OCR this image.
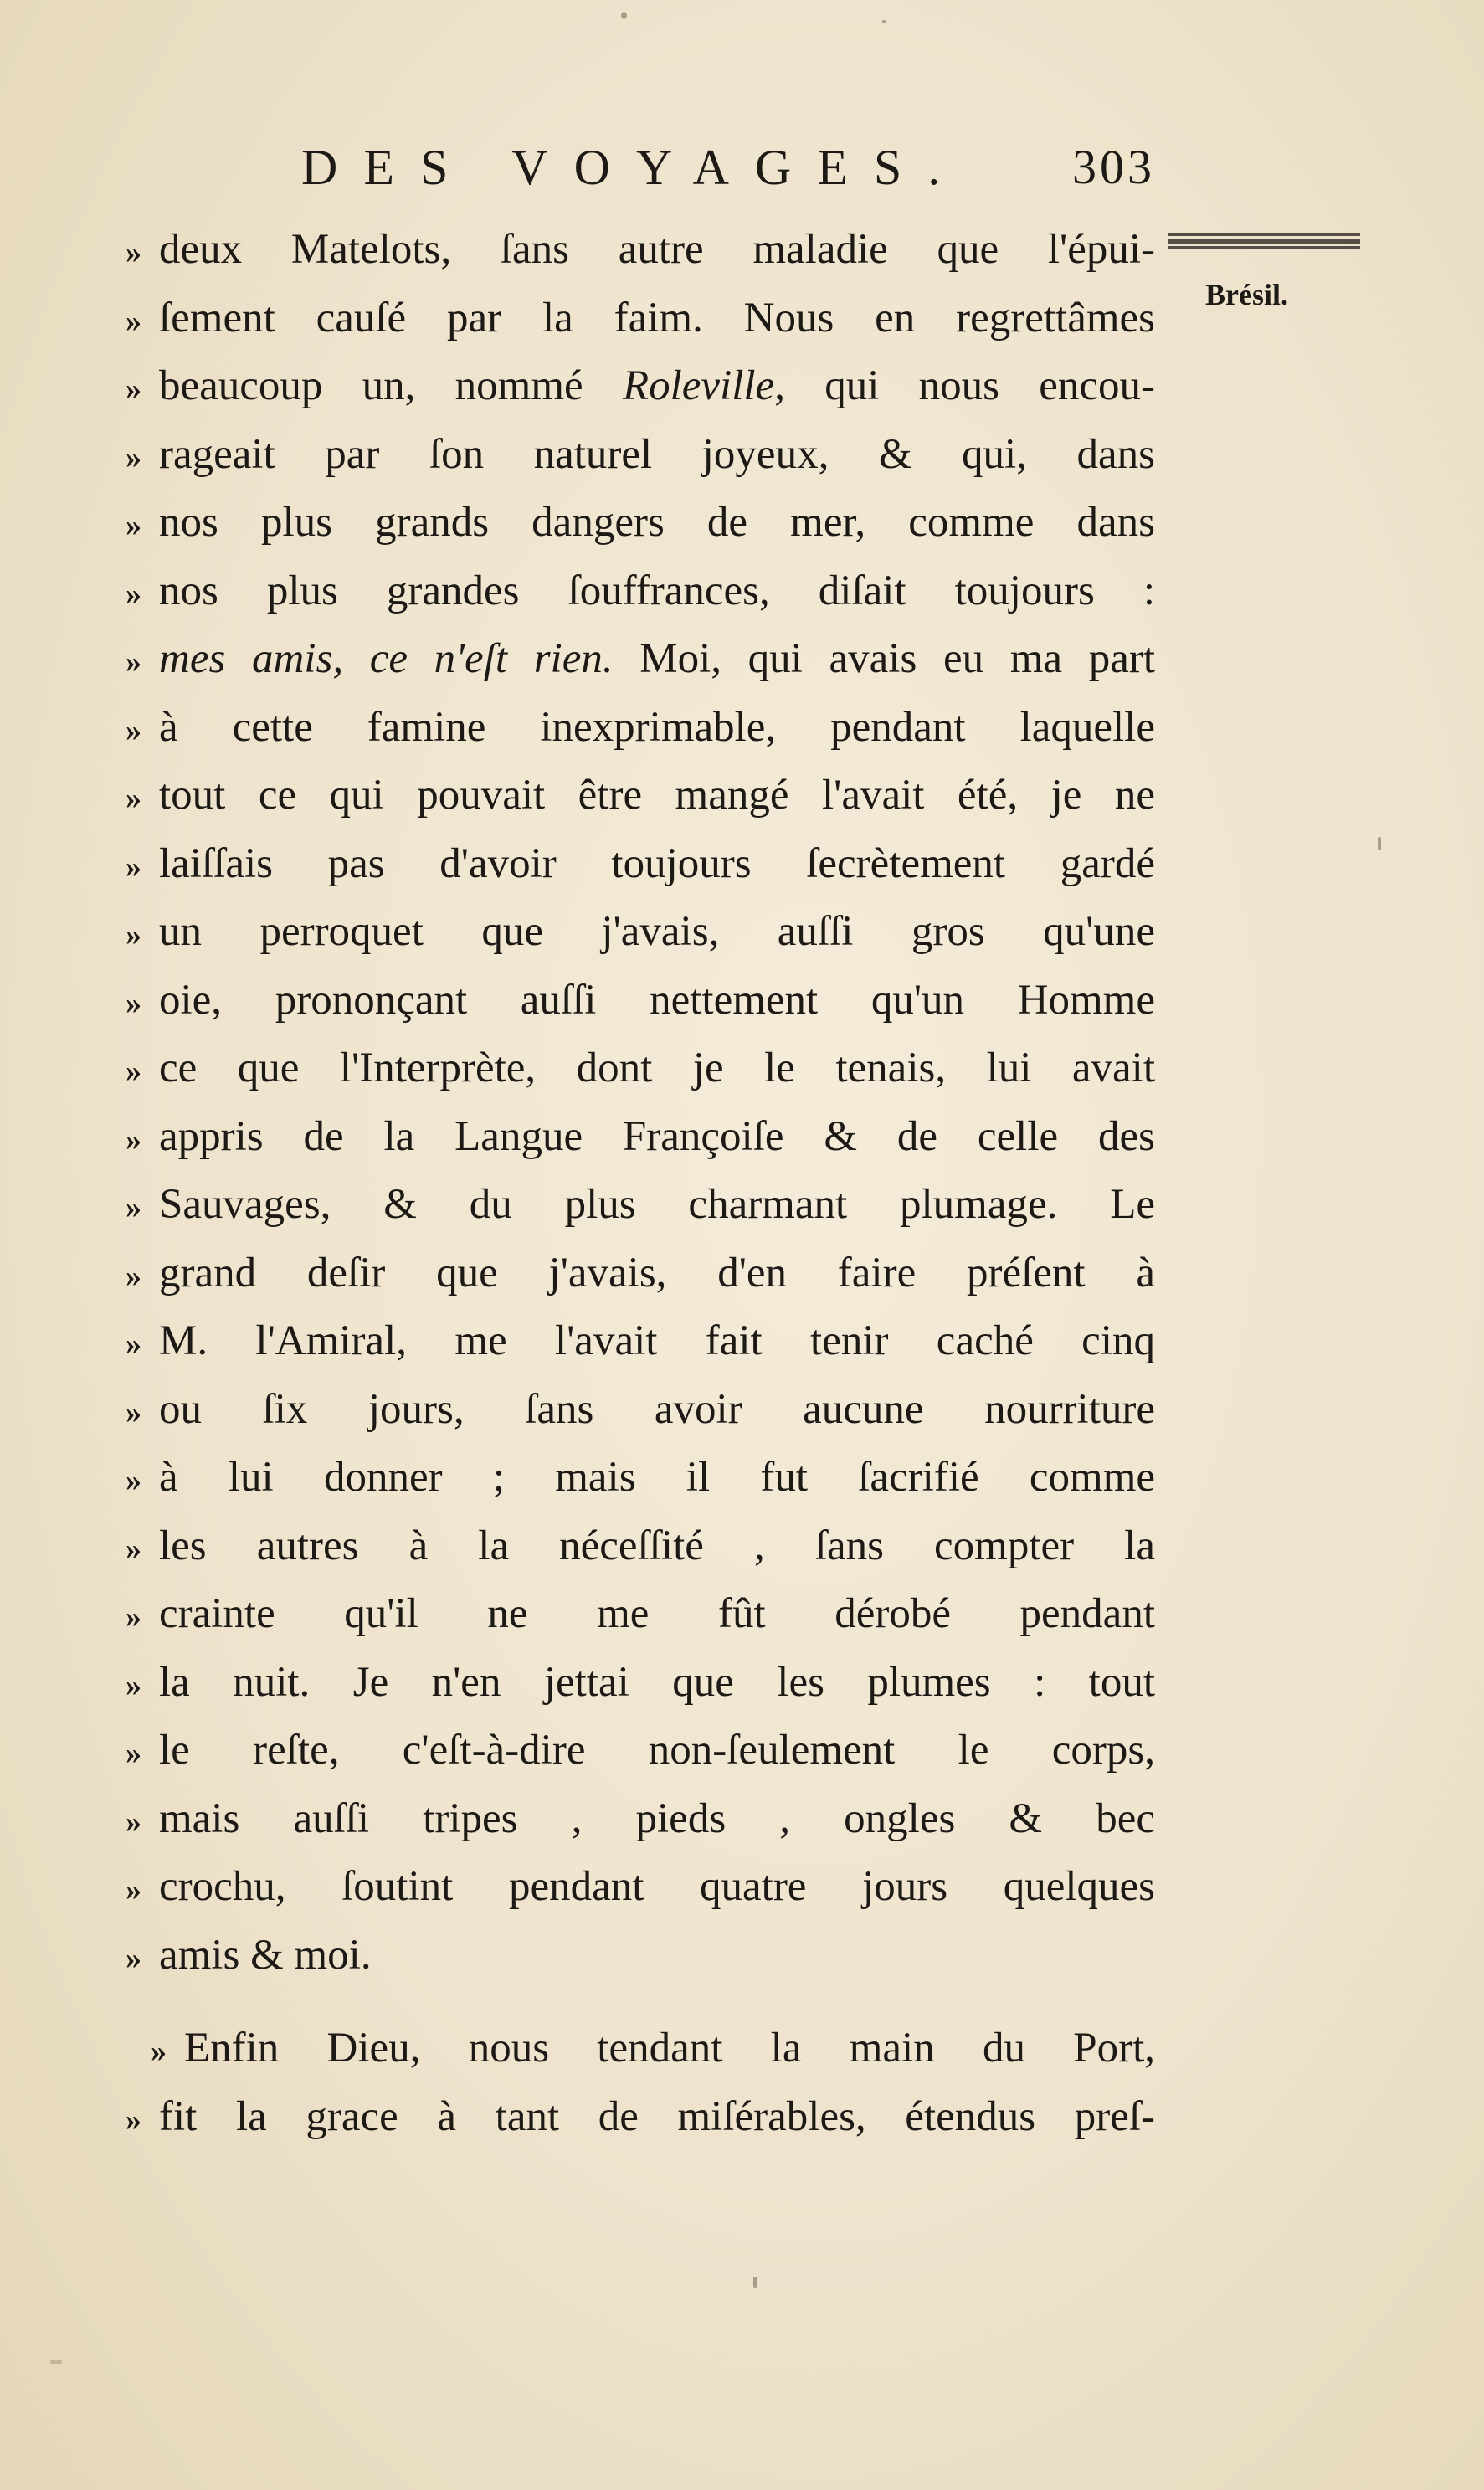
DES VOYAGES. 303
Brésil.
» deux Matelots, ſans autre maladie que l'épui-
» ſement cauſé par la faim. Nous en regrettâmes
» beaucoup un, nommé Roleville, qui nous encou-
» rageait par ſon naturel joyeux, & qui, dans
» nos plus grands dangers de mer, comme dans
» nos plus grandes ſouffrances, diſait toujours :
» mes amis, ce n'eſt rien. Moi, qui avais eu ma part
» à cette famine inexprimable, pendant laquelle
» tout ce qui pouvait être mangé l'avait été, je ne
» laiſſais pas d'avoir toujours ſecrètement gardé
» un perroquet que j'avais, auſſi gros qu'une
» oie, prononçant auſſi nettement qu'un Homme
» ce que l'Interprète, dont je le tenais, lui avait
» appris de la Langue Françoiſe & de celle des
» Sauvages, & du plus charmant plumage. Le
» grand deſir que j'avais, d'en faire préſent à
» M. l'Amiral, me l'avait fait tenir caché cinq
» ou ſix jours, ſans avoir aucune nourriture
» à lui donner ; mais il fut ſacrifié comme
» les autres à la néceſſité , ſans compter la
» crainte qu'il ne me fût dérobé pendant
» la nuit. Je n'en jettai que les plumes : tout
» le reſte, c'eſt-à-dire non-ſeulement le corps,
» mais auſſi tripes , pieds , ongles & bec
» crochu, ſoutint pendant quatre jours quelques
» amis & moi.
» Enfin Dieu, nous tendant la main du Port,
» fit la grace à tant de miſérables, étendus preſ-
